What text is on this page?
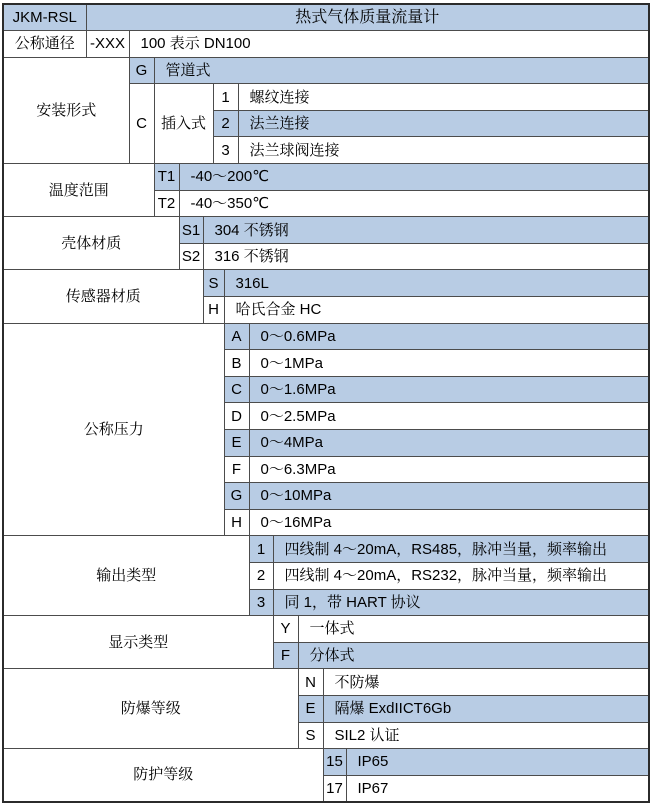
JKM-RSL	热式气体质量流量计												
公称通径	-XXX	100 表示 DN100											
安装形式		G	管道式										
		C	插入式			1		螺纹连接					
						2		法兰连接					
						3		法兰球阀连接					
温度范围			T1	-40～200℃									
			T2	-40～350℃									
壳体材质				S1	304 不锈钢								
				S2	316 不锈钢								
传感器材质					S		316L						
					H		哈氏合金 HC						
公称压力							A		0～0.6MPa				
							B		0～1MPa				
							C		0～1.6MPa				
							D		0～2.5MPa				
							E		0～4MPa				
							F		0～6.3MPa				
							G		0～10MPa				
							H		0～16MPa				
输出类型									1	四线制 4～20mA，RS485，脉冲当量，频率输出			
									2	四线制 4～20mA，RS232，脉冲当量，频率输出			
									3	同 1，带 HART 协议			
显示类型										Y	一体式		
										F	分体式		
防爆等级											N	不防爆	
											E	隔爆 ExdIICT6Gb	
											S	SIL2 认证	
防护等级												15	IP65
												17	IP67
